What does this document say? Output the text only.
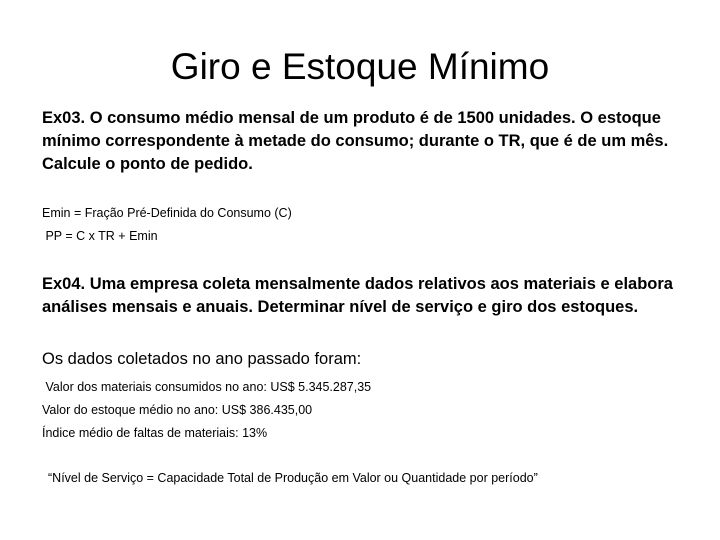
Giro e Estoque Mínimo

Ex03. O consumo médio mensal de um produto é de 1500 unidades. O estoque mínimo correspondente à metade do consumo; durante o TR, que é de um mês. Calcule o ponto de pedido.

Emin = Fração Pré-Definida do Consumo (C)

PP = C x TR + Emin

Ex04. Uma empresa coleta mensalmente dados relativos aos materiais e elabora análises mensais e anuais. Determinar nível de serviço e giro dos estoques.

Os dados coletados no ano passado foram:

Valor dos materiais consumidos no ano: US$ 5.345.287,35

Valor do estoque médio no ano: US$ 386.435,00

Índice médio de faltas de materiais: 13%

“Nível de Serviço = Capacidade Total de Produção em Valor ou Quantidade por período”
